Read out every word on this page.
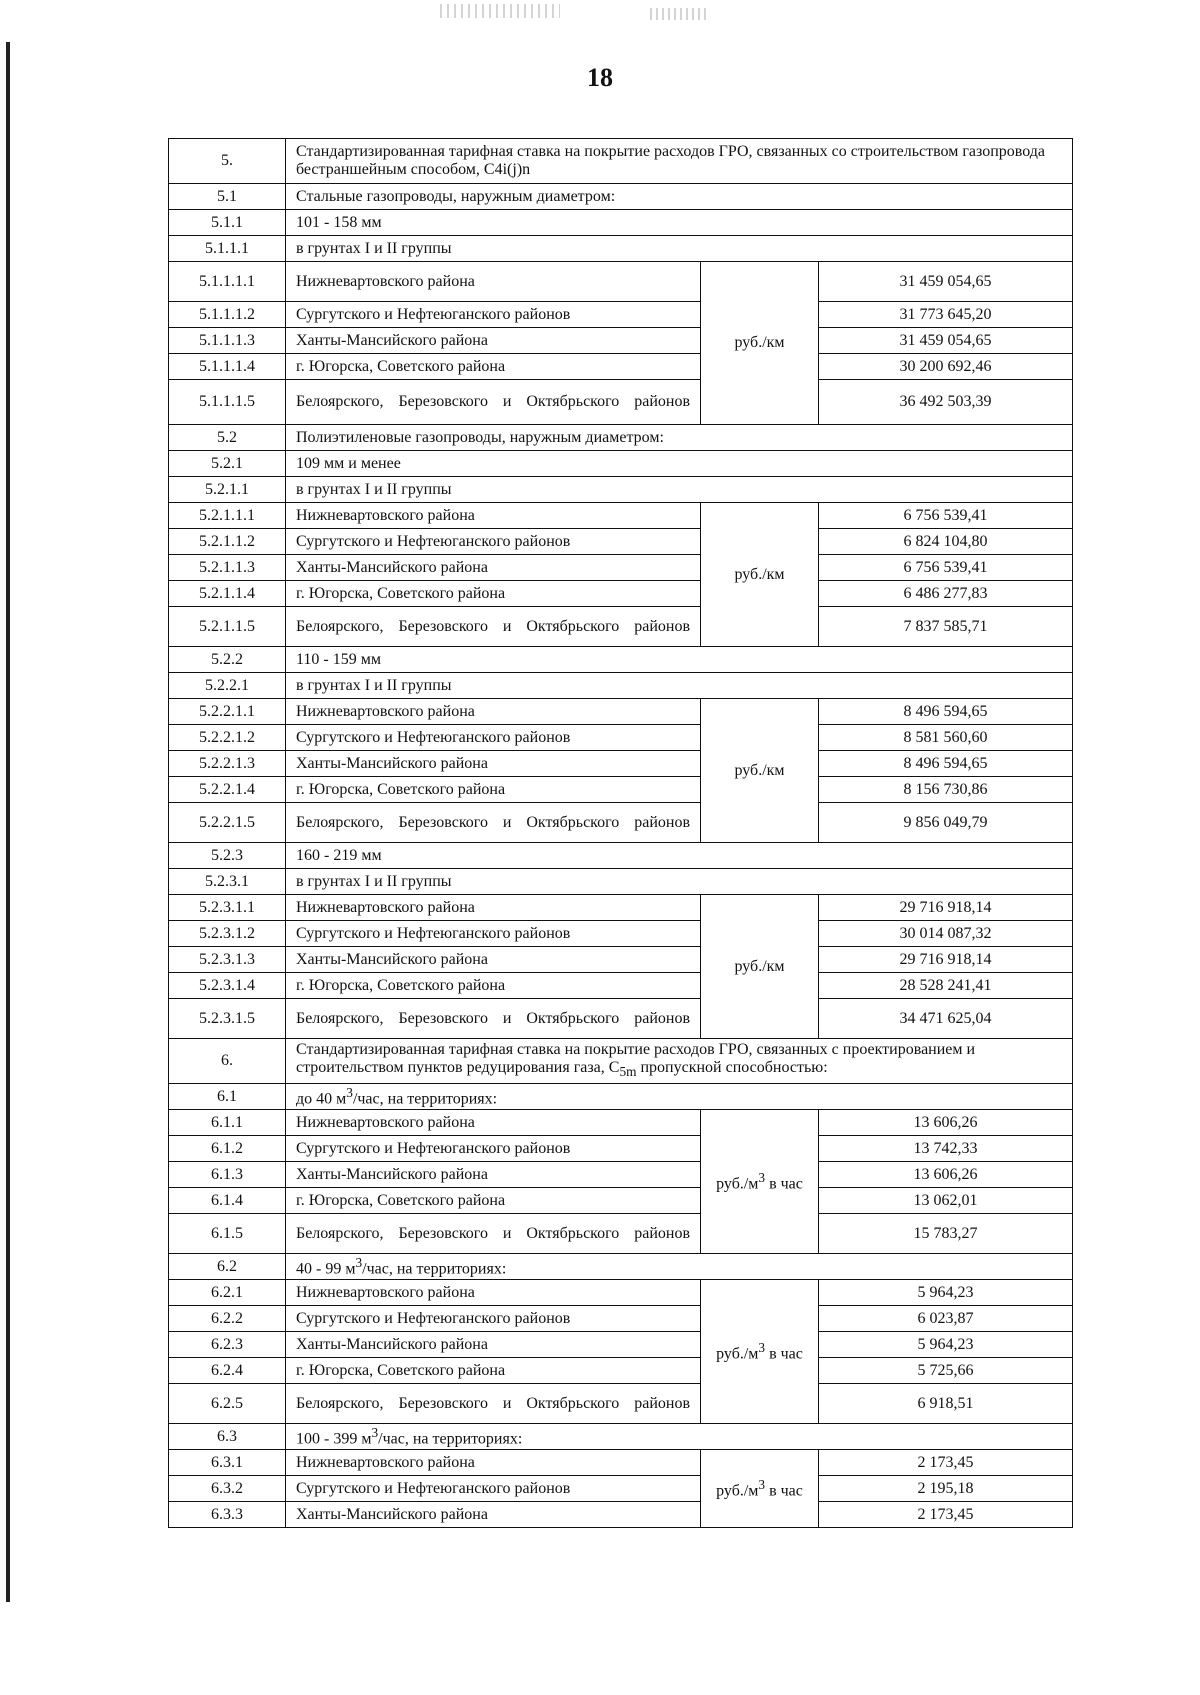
18
5.	Стандартизированная тарифная ставка на покрытие расходов ГРО, связанных со строительством газопровода бестраншейным способом, C4i(j)n		
5.1	Стальные газопроводы, наружным диаметром:		
5.1.1	101 - 158 мм		
5.1.1.1	в грунтах I и II группы		
5.1.1.1.1	Нижневартовского района	руб./км	31 459 054,65
5.1.1.1.2	Сургутского и Нефтеюганского районов		31 773 645,20
5.1.1.1.3	Ханты-Мансийского района		31 459 054,65
5.1.1.1.4	г. Югорска, Советского района		30 200 692,46
5.1.1.1.5	Белоярского, Березовского и Октябрьского районов		36 492 503,39
5.2	Полиэтиленовые газопроводы, наружным диаметром:		
5.2.1	109 мм и менее		
5.2.1.1	в грунтах I и II группы		
5.2.1.1.1	Нижневартовского района	руб./км	6 756 539,41
5.2.1.1.2	Сургутского и Нефтеюганского районов		6 824 104,80
5.2.1.1.3	Ханты-Мансийского района		6 756 539,41
5.2.1.1.4	г. Югорска, Советского района		6 486 277,83
5.2.1.1.5	Белоярского, Березовского и Октябрьского районов		7 837 585,71
5.2.2	110 - 159 мм		
5.2.2.1	в грунтах I и II группы		
5.2.2.1.1	Нижневартовского района	руб./км	8 496 594,65
5.2.2.1.2	Сургутского и Нефтеюганского районов		8 581 560,60
5.2.2.1.3	Ханты-Мансийского района		8 496 594,65
5.2.2.1.4	г. Югорска, Советского района		8 156 730,86
5.2.2.1.5	Белоярского, Березовского и Октябрьского районов		9 856 049,79
5.2.3	160 - 219 мм		
5.2.3.1	в грунтах I и II группы		
5.2.3.1.1	Нижневартовского района	руб./км	29 716 918,14
5.2.3.1.2	Сургутского и Нефтеюганского районов		30 014 087,32
5.2.3.1.3	Ханты-Мансийского района		29 716 918,14
5.2.3.1.4	г. Югорска, Советского района		28 528 241,41
5.2.3.1.5	Белоярского, Березовского и Октябрьского районов		34 471 625,04
6.	Стандартизированная тарифная ставка на покрытие расходов ГРО, связанных с проектированием и строительством пунктов редуцирования газа, $C_{5m}$ пропускной способностью:		
6.1	до 40 $м^3$/час, на территориях:		
6.1.1	Нижневартовского района	$руб./м^3$ в час	13 606,26
6.1.2	Сургутского и Нефтеюганского районов		13 742,33
6.1.3	Ханты-Мансийского района		13 606,26
6.1.4	г. Югорска, Советского района		13 062,01
6.1.5	Белоярского, Березовского и Октябрьского районов		15 783,27
6.2	40 - 99 $м^3$/час, на территориях:		
6.2.1	Нижневартовского района	$руб./м^3$ в час	5 964,23
6.2.2	Сургутского и Нефтеюганского районов		6 023,87
6.2.3	Ханты-Мансийского района		5 964,23
6.2.4	г. Югорска, Советского района		5 725,66
6.2.5	Белоярского, Березовского и Октябрьского районов		6 918,51
6.3	100 - 399 $м^3$/час, на территориях:		
6.3.1	Нижневартовского района	$руб./м^3$ в час	2 173,45
6.3.2	Сургутского и Нефтеюганского районов		2 195,18
6.3.3	Ханты-Мансийского района		2 173,45
